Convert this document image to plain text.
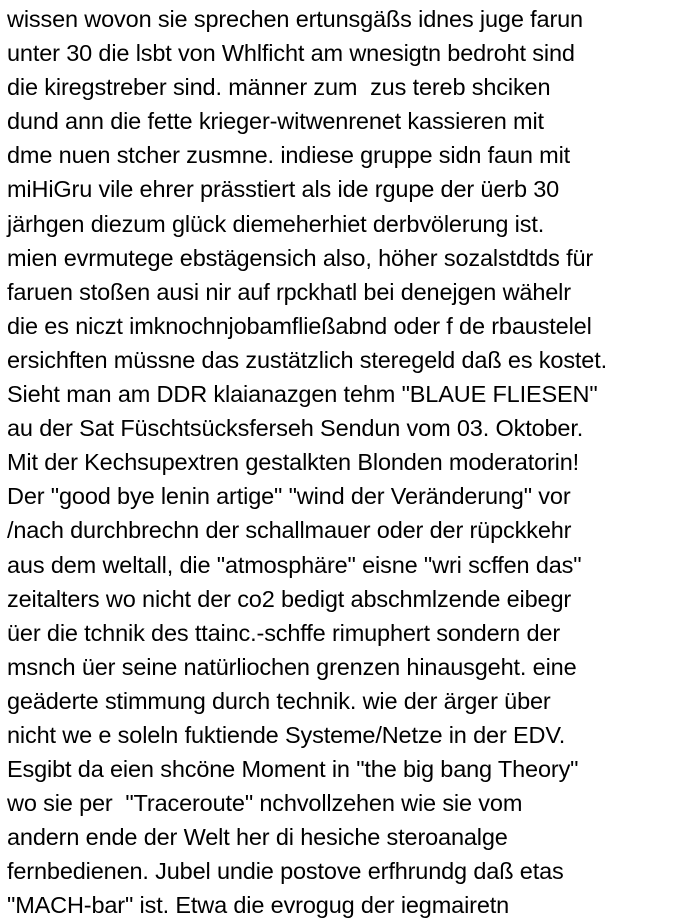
wissen wovon sie sprechen ertunsgäßs idnes juge farun
unter 30 die lsbt von Whlficht am wnesigtn bedroht sind
die kiregstreber sind. männer zum  zus tereb shciken
dund ann die fette krieger-witwenrenet kassieren mit
dme nuen stcher zusmne. indiese gruppe sidn faun mit
miHiGru vile ehrer prässtiert als ide rgupe der üerb 30
järhgen diezum glück diemeherhiet derbvölerung ist.
mien evrmutege ebstägensich also, höher sozalstdtds für
faruen stoßen ausi nir auf rpckhatl bei denejgen wähelr
die es niczt imknochnjobamfließabnd oder f de rbaustelel
ersichften müssne das zustätzlich steregeld daß es kostet.
Sieht man am DDR klaianazgen tehm "BLAUE FLIESEN"
au der Sat Füschtsücksferseh Sendun vom 03. Oktober.
Mit der Kechsupextren gestalkten Blonden moderatorin!
Der "good bye lenin artige" "wind der Veränderung" vor
/nach durchbrechn der schallmauer oder der rüpckkehr
aus dem weltall, die "atmosphäre" eisne "wri scffen das"
zeitalters wo nicht der co2 bedigt abschmlzende eibegr
üer die tchnik des ttainc.-schffe rimuphert sondern der
msnch üer seine natürliochen grenzen hinausgeht. eine
geäderte stimmung durch technik. wie der ärger über
nicht we e soleln fuktiende Systeme/Netze in der EDV.
Esgibt da eien shcöne Moment in "the big bang Theory"
wo sie per  "Traceroute" nchvollzehen wie sie vom
andern ende der Welt her di hesiche steroanalge
fernbedienen. Jubel undie postove erfhrundg daß etas
"MACH-bar" ist. Etwa die evrogug der iegmairetn
